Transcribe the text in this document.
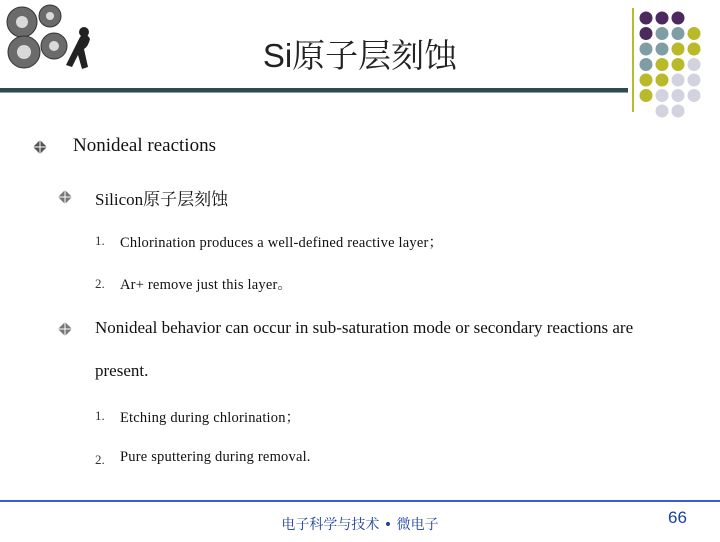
Si原子层刻蚀
Nonideal reactions
Silicon原子层刻蚀
1. Chlorination produces a well-defined reactive layer；
2. Ar+ remove just this layer。
Nonideal behavior can occur in sub-saturation mode or secondary reactions are
present.
1. Etching during chlorination；
2. Pure sputtering during removal.
电子科学与技术 • 微电子	66
